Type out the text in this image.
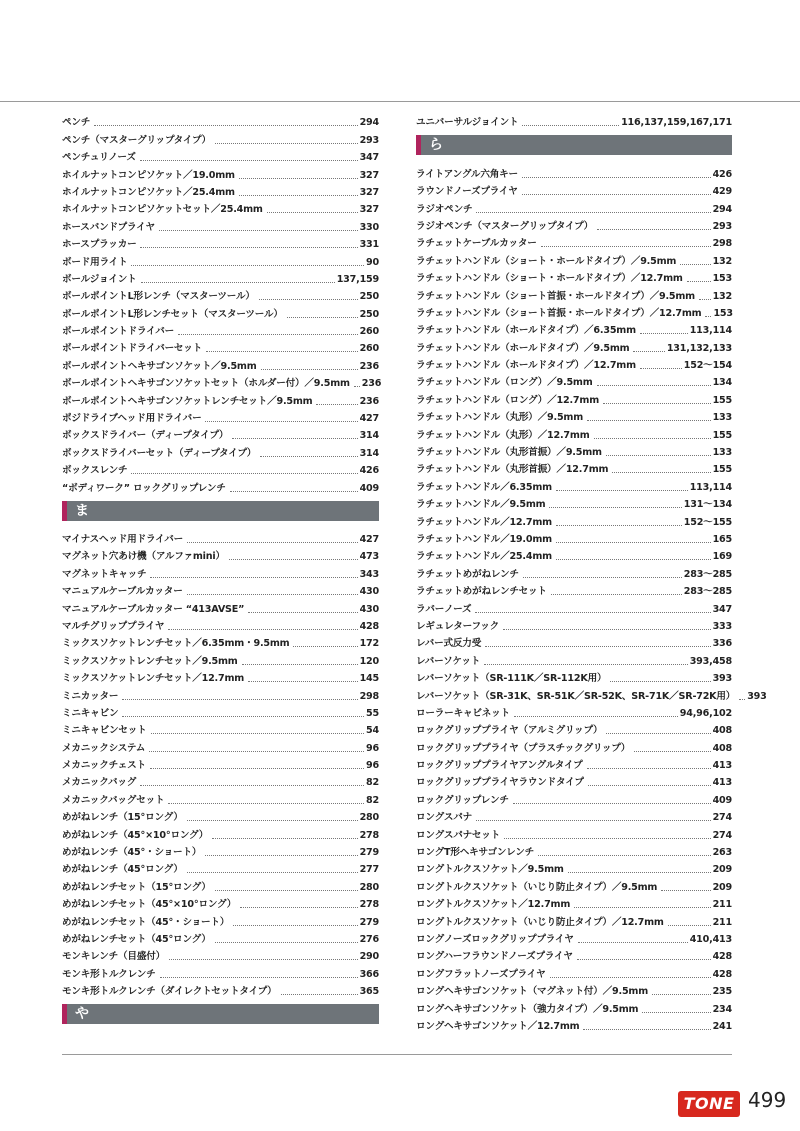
ペンチ	294
ペンチ（マスターグリップタイプ）	293
ペンチュリノーズ	347
ホイルナットコンピソケット／19.0mm	327
ホイルナットコンピソケット／25.4mm	327
ホイルナットコンピソケットセット／25.4mm	327
ホースバンドプライヤ	330
ホースプラッカー	331
ボード用ライト	90
ボールジョイント	137,159
ボールポイントL形レンチ（マスターツール）	250
ボールポイントL形レンチセット（マスターツール）	250
ボールポイントドライバー	260
ボールポイントドライバーセット	260
ボールポイントヘキサゴンソケット／9.5mm	236
ボールポイントヘキサゴンソケットセット（ホルダー付）／9.5mm 236
ボールポイントヘキサゴンソケットレンチセット／9.5mm	236
ポジドライブヘッド用ドライバー	427
ボックスドライバー（ディープタイプ）	314
ボックスドライバーセット（ディープタイプ）	314
ボックスレンチ	426
“ボディワーク” ロックグリップレンチ	409
ま
マイナスヘッド用ドライバー	427
マグネット穴あけ機（アルファmini）	473
マグネットキャッチ	343
マニュアルケーブルカッター	430
マニュアルケーブルカッター “413AVSE”	430
マルチグリッププライヤ	428
ミックスソケットレンチセット／6.35mm・9.5mm	172
ミックスソケットレンチセット／9.5mm	120
ミックスソケットレンチセット／12.7mm	145
ミニカッター	298
ミニキャビン	55
ミニキャビンセット	54
メカニックシステム	96
メカニックチェスト	96
メカニックバッグ	82
メカニックバッグセット	82
めがねレンチ（15°ロング）	280
めがねレンチ（45°×10°ロング）	278
めがねレンチ（45°・ショート）	279
めがねレンチ（45°ロング）	277
めがねレンチセット（15°ロング）	280
めがねレンチセット（45°×10°ロング）	278
めがねレンチセット（45°・ショート）	279
めがねレンチセット（45°ロング）	276
モンキレンチ（目盛付）	290
モンキ形トルクレンチ	366
モンキ形トルクレンチ（ダイレクトセットタイプ）	365
や
ユニバーサルジョイント	116,137,159,167,171
ら
ライトアングル六角キー	426
ラウンドノーズプライヤ	429
ラジオペンチ	294
ラジオペンチ（マスターグリップタイプ）	293
ラチェットケーブルカッター	298
ラチェットハンドル（ショート・ホールドタイプ）／9.5mm	132
ラチェットハンドル（ショート・ホールドタイプ）／12.7mm	153
ラチェットハンドル（ショート首振・ホールドタイプ）／9.5mm 132
ラチェットハンドル（ショート首振・ホールドタイプ）／12.7mm 153
ラチェットハンドル（ホールドタイプ）／6.35mm	113,114
ラチェットハンドル（ホールドタイプ）／9.5mm	131,132,133
ラチェットハンドル（ホールドタイプ）／12.7mm	152～154
ラチェットハンドル（ロング）／9.5mm	134
ラチェットハンドル（ロング）／12.7mm	155
ラチェットハンドル（丸形）／9.5mm	133
ラチェットハンドル（丸形）／12.7mm	155
ラチェットハンドル（丸形首振）／9.5mm	133
ラチェットハンドル（丸形首振）／12.7mm	155
ラチェットハンドル／6.35mm	113,114
ラチェットハンドル／9.5mm	131～134
ラチェットハンドル／12.7mm	152～155
ラチェットハンドル／19.0mm	165
ラチェットハンドル／25.4mm	169
ラチェットめがねレンチ	283～285
ラチェットめがねレンチセット	283～285
ラバーノーズ	347
レギュレターフック	333
レバー式反力受	336
レバーソケット	393,458
レバーソケット（SR-111K／SR-112K用）	393
レバーソケット（SR-31K、SR-51K／SR-52K、SR-71K／SR-72K用） 393
ローラーキャビネット	94,96,102
ロックグリッププライヤ（アルミグリップ）	408
ロックグリッププライヤ（プラスチックグリップ）	408
ロックグリッププライヤアングルタイプ	413
ロックグリッププライヤラウンドタイプ	413
ロックグリップレンチ	409
ロングスパナ	274
ロングスパナセット	274
ロングT形ヘキサゴンレンチ	263
ロングトルクスソケット／9.5mm	209
ロングトルクスソケット（いじり防止タイプ）／9.5mm	209
ロングトルクスソケット／12.7mm	211
ロングトルクスソケット（いじり防止タイプ）／12.7mm	211
ロングノーズロックグリッププライヤ	410,413
ロングハーフラウンドノーズプライヤ	428
ロングフラットノーズプライヤ	428
ロングヘキサゴンソケット（マグネット付）／9.5mm	235
ロングヘキサゴンソケット（強力タイプ）／9.5mm	234
ロングヘキサゴンソケット／12.7mm	241
TONE 499
